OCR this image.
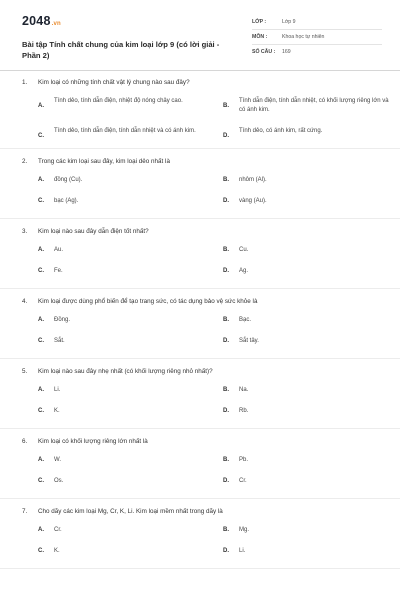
2048.vn
Bài tập Tính chất chung của kim loại lớp 9 (có lời giải - Phần 2)
LỚP :	Lớp 9
MÔN :	Khoa học tự nhiên
SỐ CÂU :	169
1. Kim loại có những tính chất vật lý chung nào sau đây?
A.
Tính dẻo, tính dẫn điện, nhiệt độ nóng chảy cao.
B.
Tính dẫn điện, tính dẫn nhiệt, có khối lượng riêng lớn và có ánh kim.
C.
Tính dẻo, tính dẫn điện, tính dẫn nhiệt và có ánh kim.
D.
Tính dẻo, có ánh kim, rất cứng.
2. Trong các kim loại sau đây, kim loại dẻo nhất là
A. đồng (Cu).	B. nhôm (Al).
C. bạc (Ag).	D. vàng (Au).
3. Kim loại nào sau đây dẫn điện tốt nhất?
A. Au.	B. Cu.
C. Fe.	D. Ag.
4. Kim loại được dùng phổ biến để tạo trang sức, có tác dụng bảo vệ sức khỏe là
A. Đồng.	B. Bạc.
C. Sắt.	D. Sắt tây.
5. Kim loại nào sau đây nhẹ nhất (có khối lượng riêng nhỏ nhất)?
A. Li.	B. Na.
C. K.	D. Rb.
6. Kim loại có khối lượng riêng lớn nhất là
A. W.	B. Pb.
C. Os.	D. Cr.
7. Cho dãy các kim loại Mg, Cr, K, Li. Kim loại mềm nhất trong dãy là
A. Cr.	B. Mg.
C. K.	D. Li.
